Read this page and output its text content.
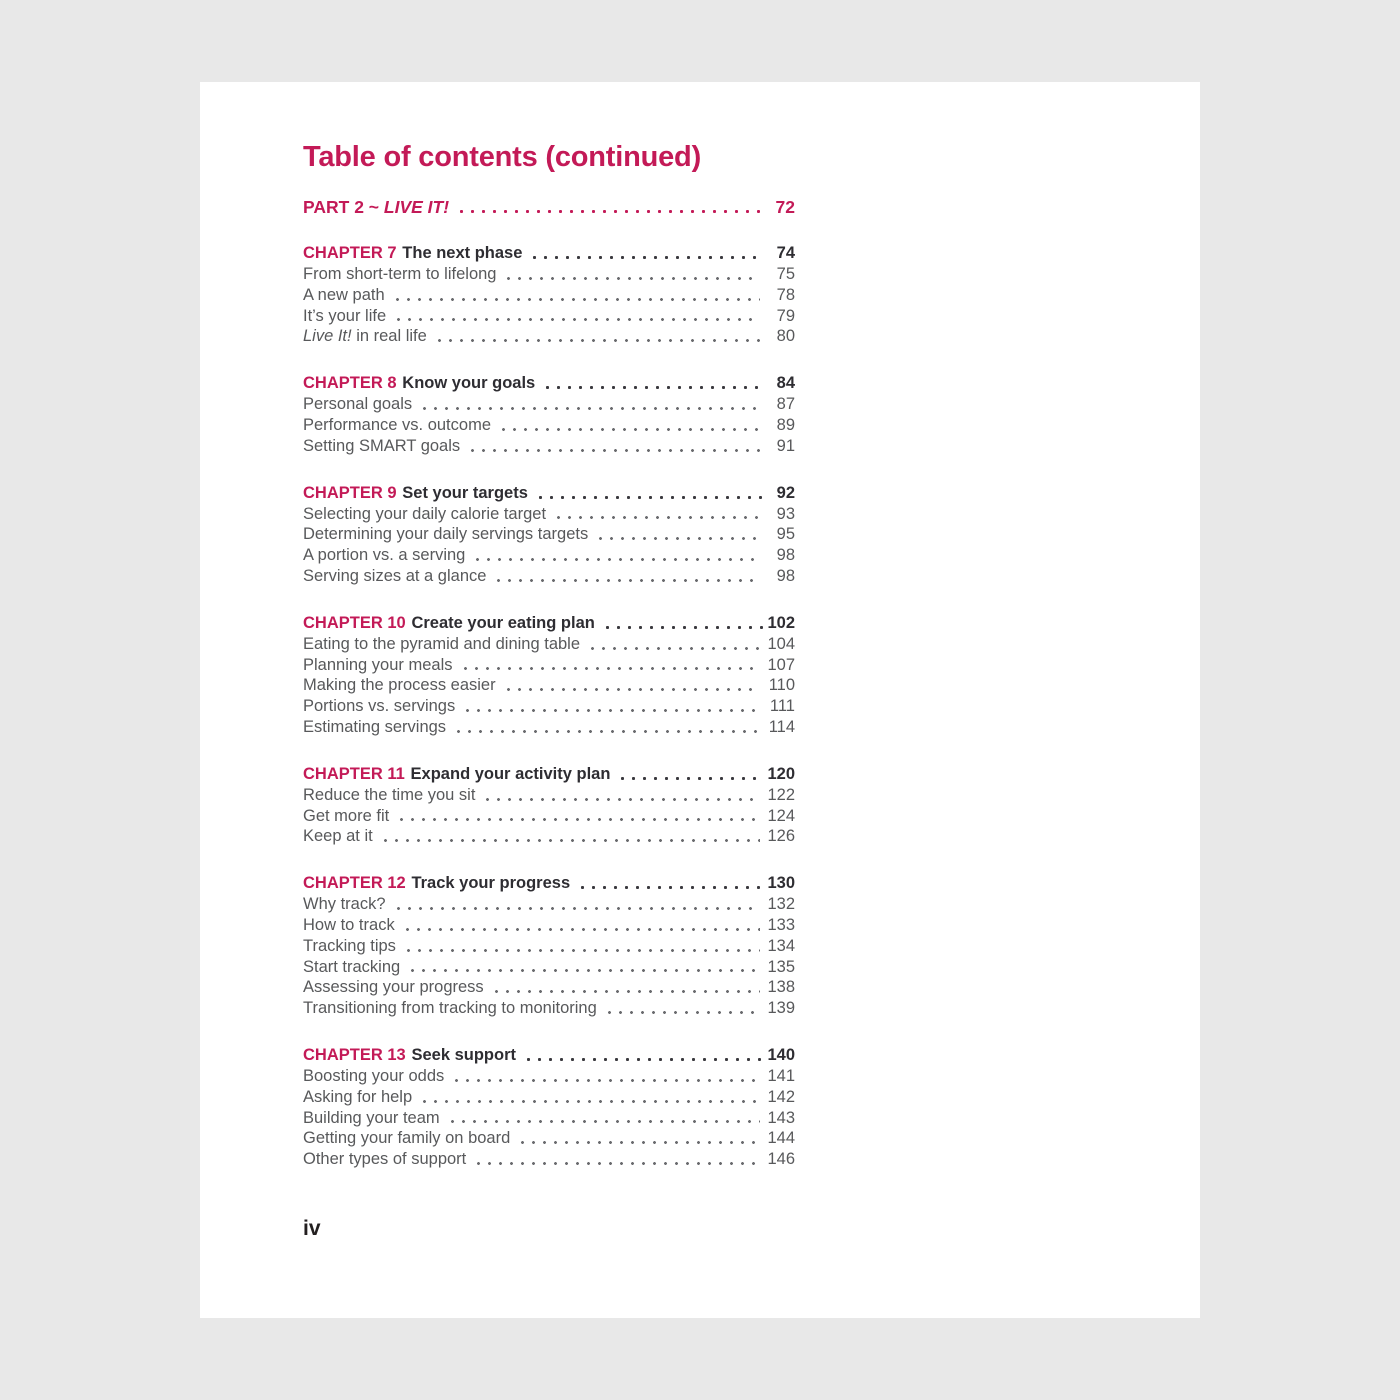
Table of contents (continued)
PART 2 ~ LIVE IT!	72
CHAPTER 7 The next phase	74
From short-term to lifelong	75
A new path	78
It’s your life	79
Live It! in real life	80
CHAPTER 8 Know your goals	84
Personal goals	87
Performance vs. outcome	89
Setting SMART goals	91
CHAPTER 9 Set your targets	92
Selecting your daily calorie target	93
Determining your daily servings targets	95
A portion vs. a serving	98
Serving sizes at a glance	98
CHAPTER 10 Create your eating plan	102
Eating to the pyramid and dining table	104
Planning your meals	107
Making the process easier	110
Portions vs. servings	111
Estimating servings	114
CHAPTER 11 Expand your activity plan	120
Reduce the time you sit	122
Get more fit	124
Keep at it	126
CHAPTER 12 Track your progress	130
Why track?	132
How to track	133
Tracking tips	134
Start tracking	135
Assessing your progress	138
Transitioning from tracking to monitoring	139
CHAPTER 13 Seek support	140
Boosting your odds	141
Asking for help	142
Building your team	143
Getting your family on board	144
Other types of support	146
iv
